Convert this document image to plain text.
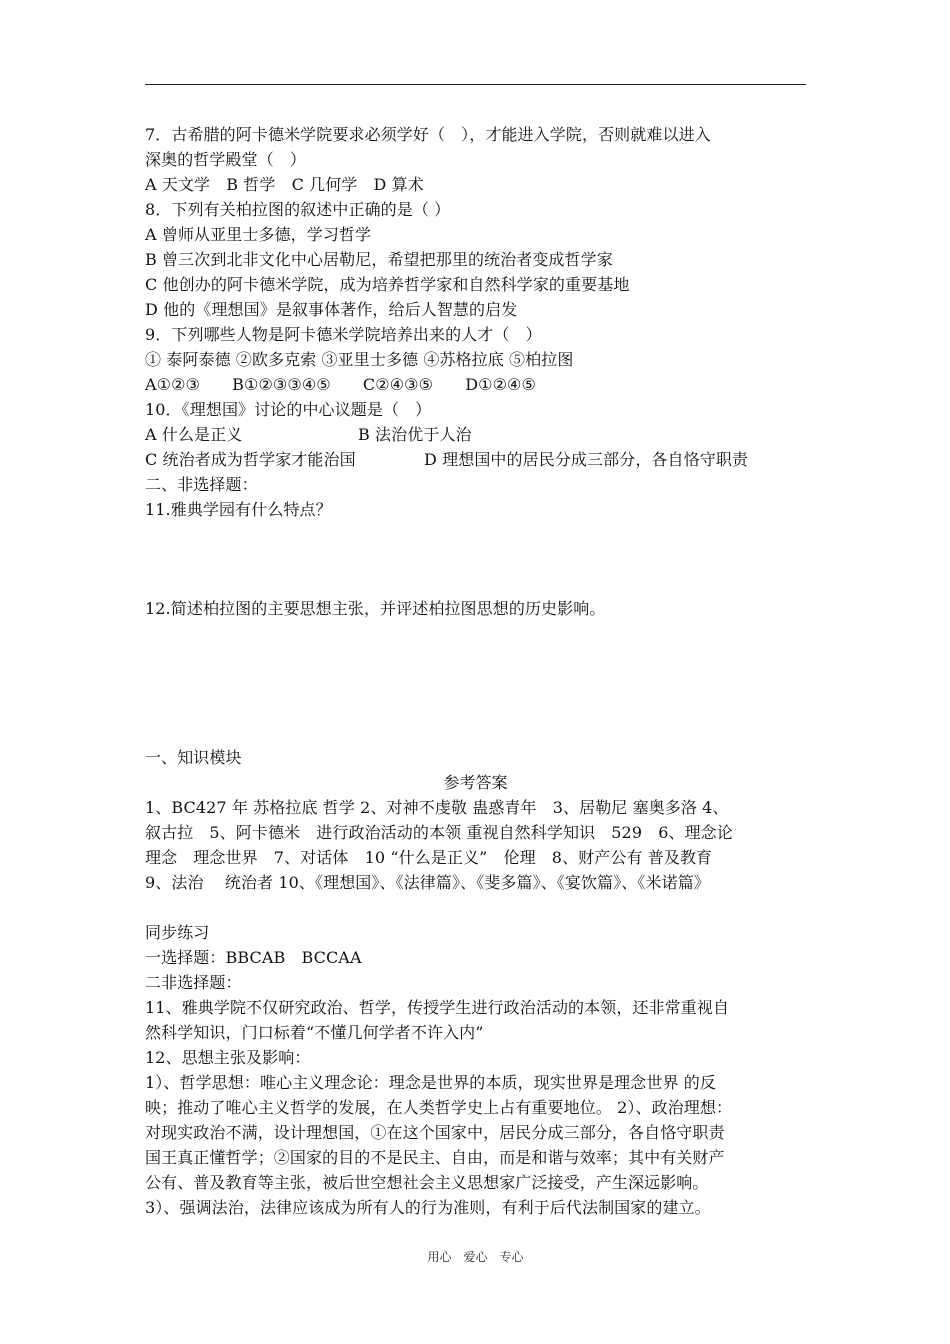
7．古希腊的阿卡德米学院要求必须学好（　），才能进入学院，否则就难以进入
深奥的哲学殿堂（　）
A 天文学　B 哲学　C 几何学　D 算术
8．下列有关柏拉图的叙述中正确的是（ ）
A 曾师从亚里士多德，学习哲学
B 曾三次到北非文化中心居勒尼，希望把那里的统治者变成哲学家
C 他创办的阿卡德米学院，成为培养哲学家和自然科学家的重要基地
D 他的《理想国》是叙事体著作，给后人智慧的启发
9．下列哪些人物是阿卡德米学院培养出来的人才（　）
① 泰阿泰德 ②欧多克索 ③亚里士多德 ④苏格拉底 ⑤柏拉图
A①②③　　B①②③③④⑤　　C②④③⑤　　D①②④⑤
10．《理想国》讨论的中心议题是（　）
A 什么是正义	B 法治优于人治
C 统治者成为哲学家才能治国	D 理想国中的居民分成三部分，各自恪守职责
二、非选择题：
11.雅典学园有什么特点？
12.简述柏拉图的主要思想主张，并评述柏拉图思想的历史影响。
一、知识模块
参考答案
1、BC427 年 苏格拉底 哲学 2、对神不虔敬 蛊惑青年　3、居勒尼 塞奥多洛 4、
叙古拉　5、阿卡德米　进行政治活动的本领 重视自然科学知识　529　6、理念论
理念　理念世界　7、对话体　10 “什么是正义”　伦理　8、财产公有 普及教育
9、法治　 统治者 10、《理想国》、《法律篇》、《斐多篇》、《宴饮篇》、《米诺篇》
同步练习
一选择题：BBCAB　BCCAA
二非选择题：
11、雅典学院不仅研究政治、哲学，传授学生进行政治活动的本领，还非常重视自
然科学知识，门口标着“不懂几何学者不许入内”
12、思想主张及影响：
1）、哲学思想：唯心主义理念论：理念是世界的本质，现实世界是理念世界 的反
映；推动了唯心主义哲学的发展，在人类哲学史上占有重要地位。 2）、政治理想：
对现实政治不满，设计理想国，①在这个国家中，居民分成三部分，各自恪守职责
国王真正懂哲学；②国家的目的不是民主、自由，而是和谐与效率；其中有关财产
公有、普及教育等主张，被后世空想社会主义思想家广泛接受，产生深远影响。
3）、强调法治，法律应该成为所有人的行为准则，有利于后代法制国家的建立。
用心　爱心　专心
